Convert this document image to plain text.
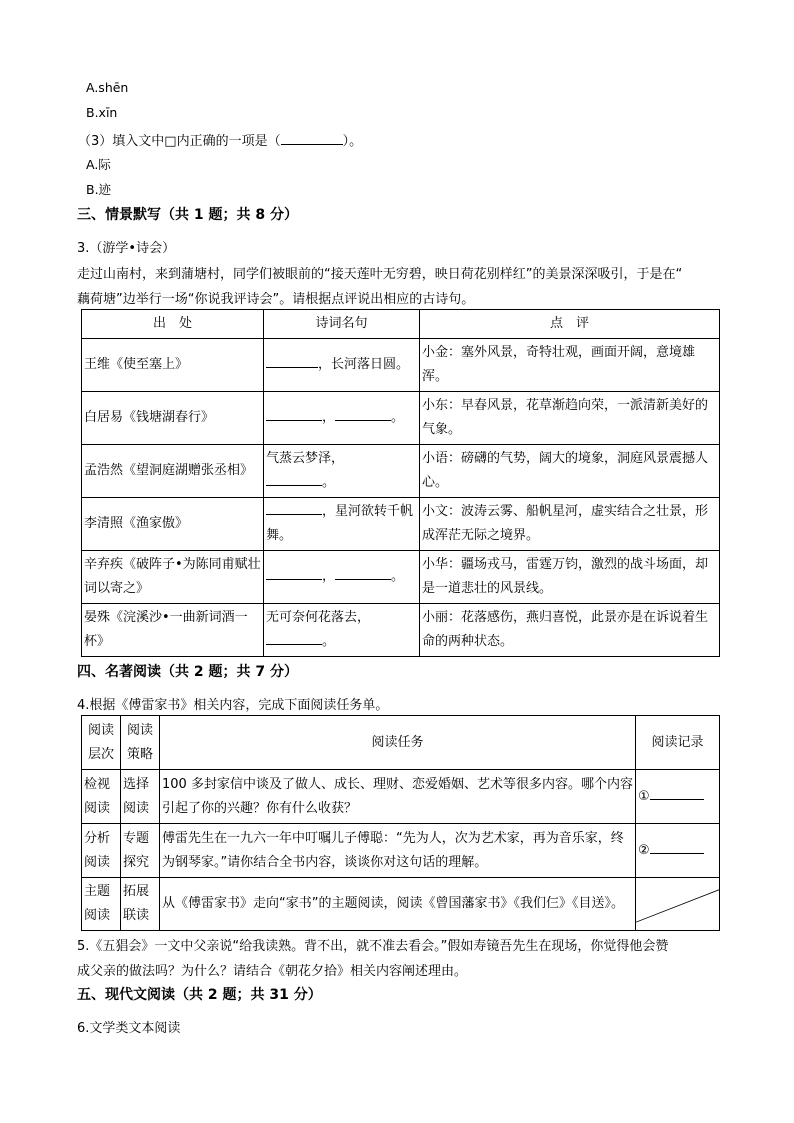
A.shēn
B.xīn
（3）填入文中□内正确的一项是（	）。
A.际
B.迹
三、情景默写（共 1 题；共 8 分）
3.（游学•诗会）
走过山南村，来到蒲塘村，同学们被眼前的“接天莲叶无穷碧，映日荷花别样红”的美景深深吸引，于是在“
藕荷塘”边举行一场“你说我评诗会”。请根据点评说出相应的古诗句。
出　处	诗词名句	点　评
王维《使至塞上》	，长河落日圆。	小金：塞外风景，奇特壮观，画面开阔，意境雄浑。
白居易《钱塘湖春行》	， 。	小东：早春风景，花草渐趋向荣，一派清新美好的气象。
孟浩然《望洞庭湖赠张丞相》	气蒸云梦泽，
。	小语：磅礴的气势，阔大的境象，洞庭风景震撼人心。
李清照《渔家傲》	，星河欲转千帆舞。	小文：波涛云雾、船帆星河，虚实结合之壮景，形成浑茫无际之境界。
辛弃疾《破阵子•为陈同甫赋壮词以寄之》	， 。	小华：疆场戎马，雷霆万钧，激烈的战斗场面，却是一道悲壮的风景线。
晏殊《浣溪沙•一曲新词酒一杯》	无可奈何花落去，
。	小丽：花落感伤，燕归喜悦，此景亦是在诉说着生命的两种状态。
四、名著阅读（共 2 题；共 7 分）
4.根据《傅雷家书》相关内容，完成下面阅读任务单。
阅读层次	阅读策略	阅读任务	阅读记录
检视阅读	选择阅读	100 多封家信中谈及了做人、成长、理财、恋爱婚姻、艺术等很多内容。哪个内容引起了你的兴趣？你有什么收获？	①
分析阅读	专题探究	傅雷先生在一九六一年中叮嘱儿子傅聪：“先为人，次为艺术家，再为音乐家，终为钢琴家。”请你结合全书内容，谈谈你对这句话的理解。	②
主题阅读	拓展联读	从《傅雷家书》走向“家书”的主题阅读，阅读《曾国藩家书》《我们仨》《目送》。	
5.《五猖会》一文中父亲说“给我读熟。背不出，就不准去看会。”假如寿镜吾先生在现场，你觉得他会赞
成父亲的做法吗？为什么？请结合《朝花夕拾》相关内容阐述理由。
五、现代文阅读（共 2 题；共 31 分）
6.文学类文本阅读
